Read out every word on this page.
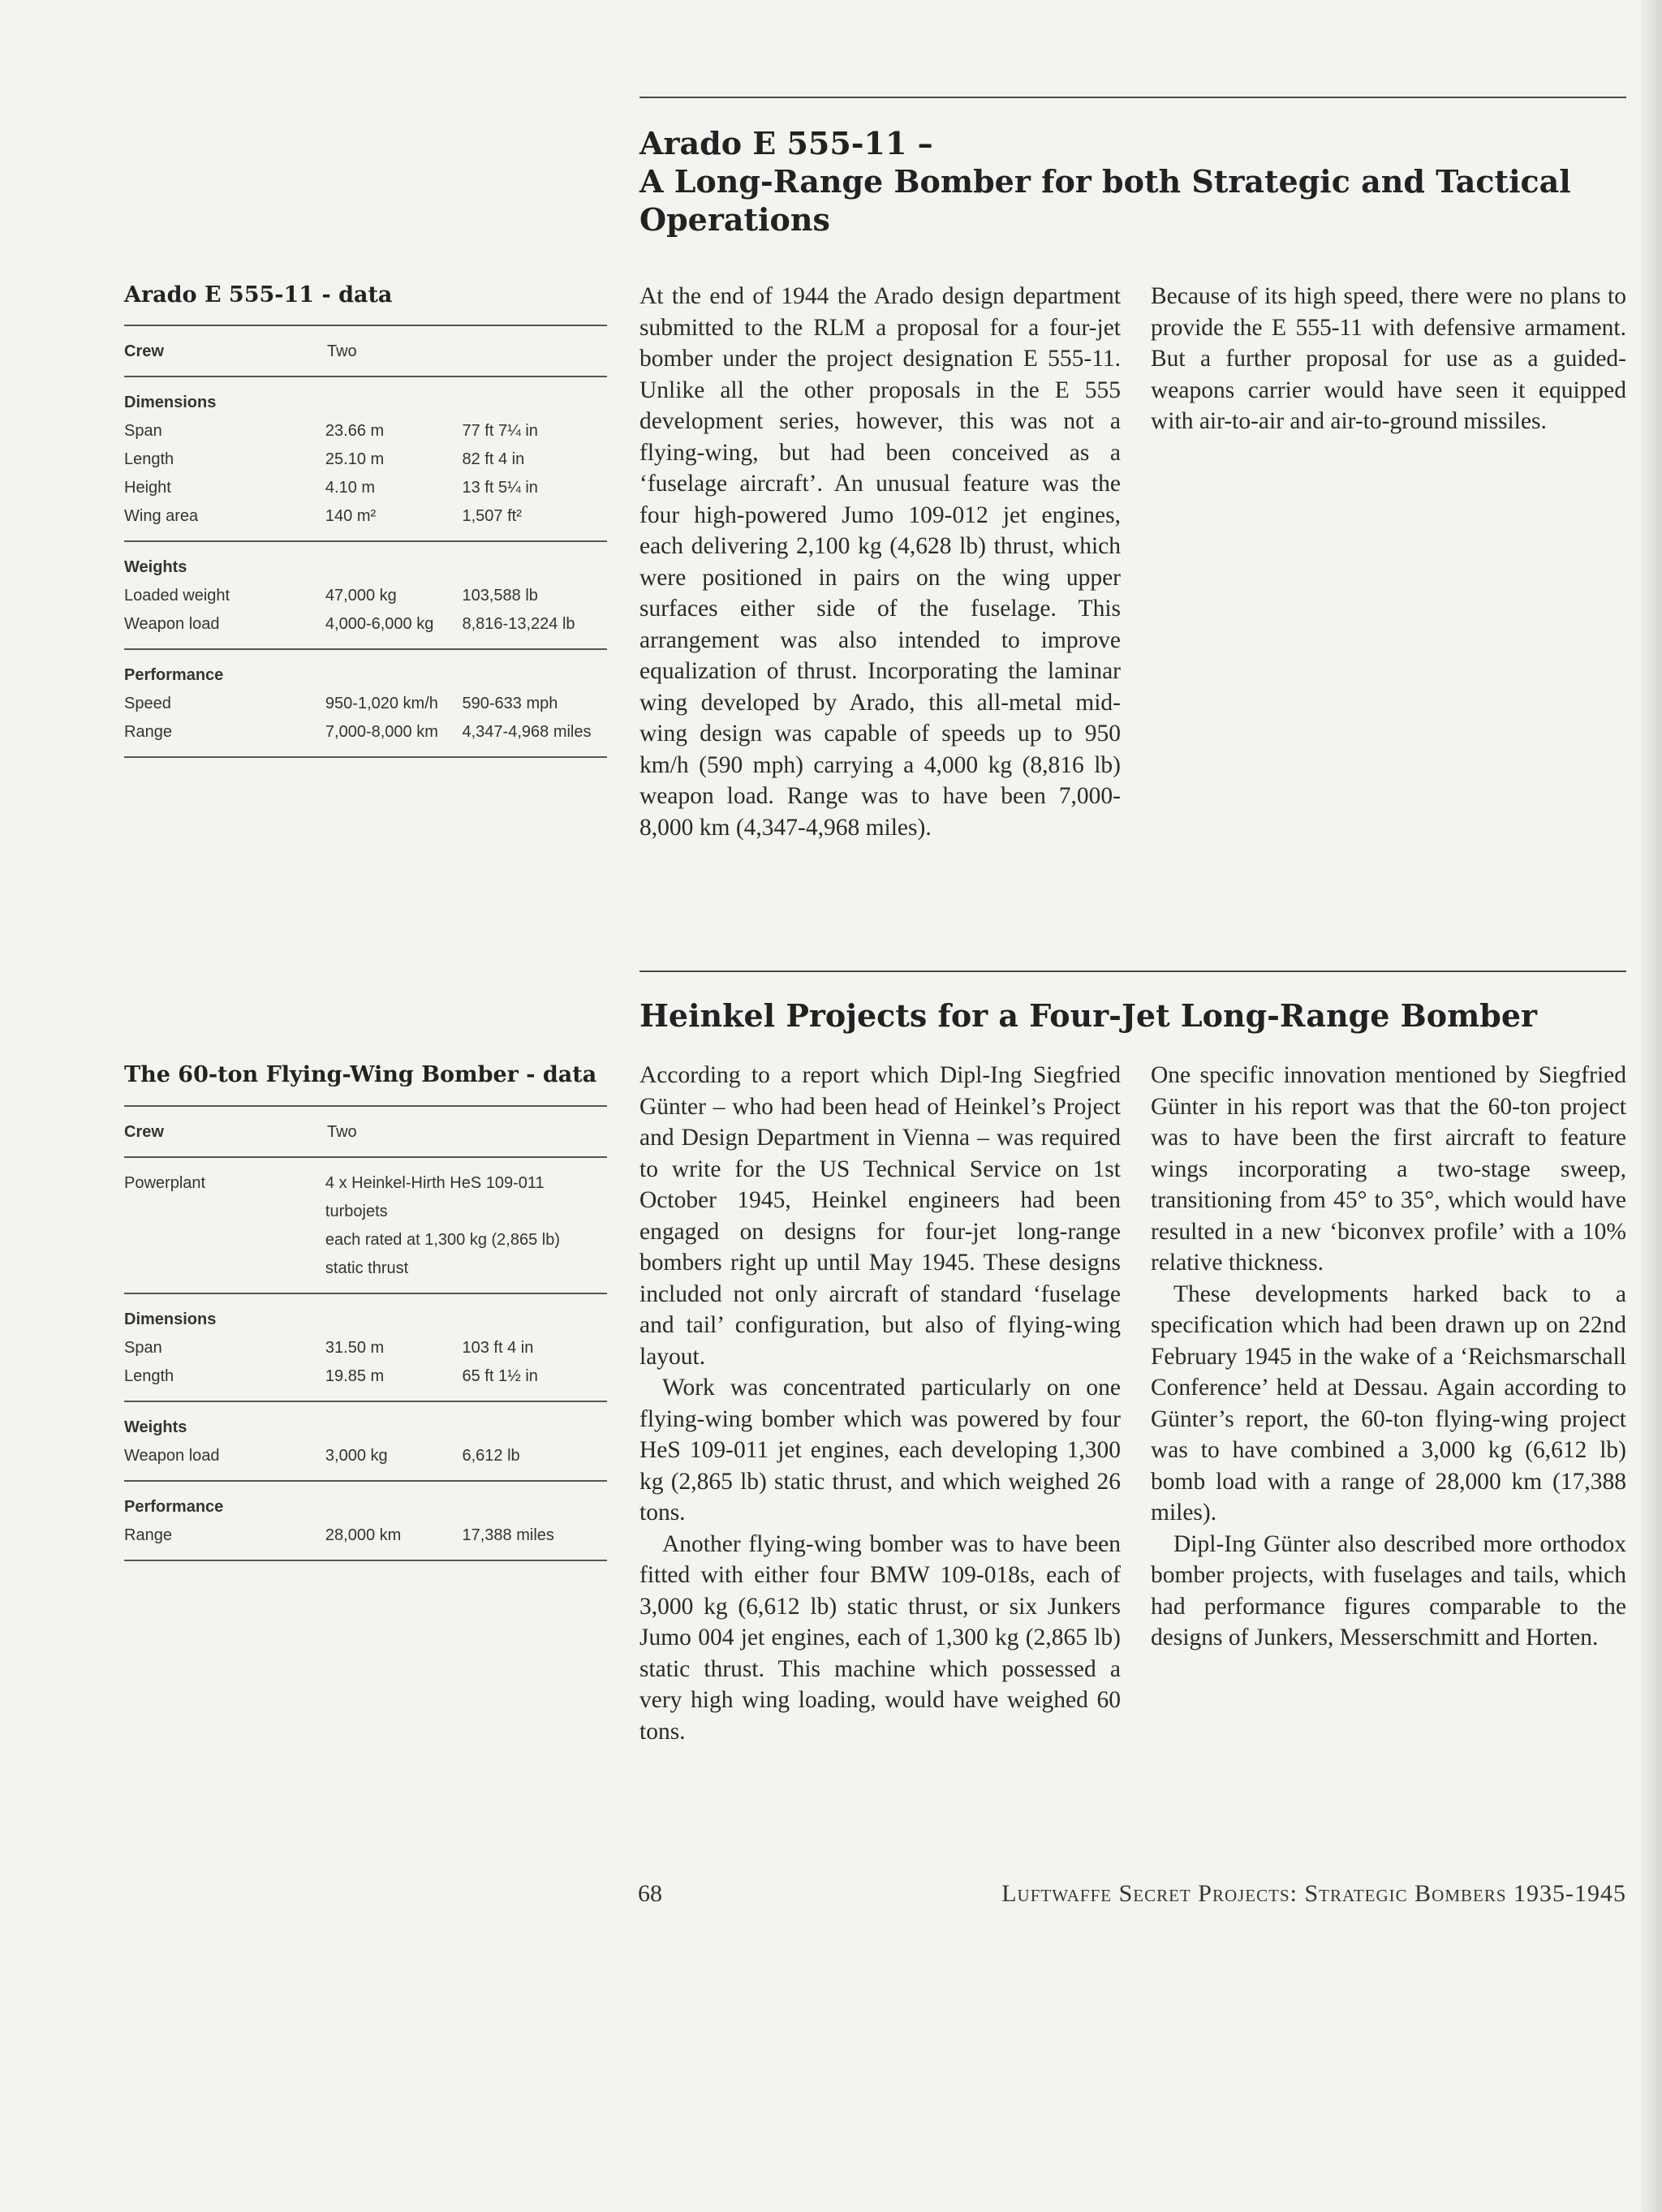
Arado E 555-11 –
A Long-Range Bomber for both Strategic and Tactical
Operations

At the end of 1944 the Arado design department submitted to the RLM a proposal for a four-jet bomber under the project designation E 555-11. Unlike all the other proposals in the E 555 development series, however, this was not a flying-wing, but had been conceived as a ‘fuselage aircraft’. An unusual feature was the four high-powered Jumo 109-012 jet engines, each delivering 2,100 kg (4,628 lb) thrust, which were positioned in pairs on the wing upper surfaces either side of the fuselage. This arrangement was also intended to improve equalization of thrust. Incorporating the laminar wing developed by Arado, this all-metal mid-wing design was capable of speeds up to 950 km/h (590 mph) carrying a 4,000 kg (8,816 lb) weapon load. Range was to have been 7,000-8,000 km (4,347-4,968 miles).

Because of its high speed, there were no plans to provide the E 555-11 with defensive armament. But a further proposal for use as a guided-weapons carrier would have seen it equipped with air-to-air and air-to-ground missiles.

Arado E 555-11 - data
Crew	Two
Dimensions
Span	23.66 m	77 ft 7¼ in
Length	25.10 m	82 ft 4 in
Height	4.10 m	13 ft 5¼ in
Wing area	140 m²	1,507 ft²
Weights
Loaded weight	47,000 kg	103,588 lb
Weapon load	4,000-6,000 kg	8,816-13,224 lb
Performance
Speed	950-1,020 km/h	590-633 mph
Range	7,000-8,000 km	4,347-4,968 miles
Heinkel Projects for a Four-Jet Long-Range Bomber

According to a report which Dipl-Ing Siegfried Günter – who had been head of Heinkel’s Project and Design Department in Vienna – was required to write for the US Technical Service on 1st October 1945, Heinkel engineers had been engaged on designs for four-jet long-range bombers right up until May 1945. These designs included not only aircraft of standard ‘fuselage and tail’ configuration, but also of flying-wing layout.

Work was concentrated particularly on one flying-wing bomber which was powered by four HeS 109-011 jet engines, each developing 1,300 kg (2,865 lb) static thrust, and which weighed 26 tons.

Another flying-wing bomber was to have been fitted with either four BMW 109-018s, each of 3,000 kg (6,612 lb) static thrust, or six Junkers Jumo 004 jet engines, each of 1,300 kg (2,865 lb) static thrust. This machine which possessed a very high wing loading, would have weighed 60 tons.

One specific innovation mentioned by Siegfried Günter in his report was that the 60-ton project was to have been the first aircraft to feature wings incorporating a two-stage sweep, transitioning from 45° to 35°, which would have resulted in a new ‘biconvex profile’ with a 10% relative thickness.

These developments harked back to a specification which had been drawn up on 22nd February 1945 in the wake of a ‘Reichsmarschall Conference’ held at Dessau. Again according to Günter’s report, the 60-ton flying-wing project was to have combined a 3,000 kg (6,612 lb) bomb load with a range of 28,000 km (17,388 miles).

Dipl-Ing Günter also described more orthodox bomber projects, with fuselages and tails, which had performance figures comparable to the designs of Junkers, Messerschmitt and Horten.

The 60-ton Flying-Wing Bomber - data
Crew	Two
Powerplant	4 x Heinkel-Hirth HeS 109-011 turbojets
each rated at 1,300 kg (2,865 lb)
static thrust
Dimensions
Span	31.50 m	103 ft 4 in
Length	19.85 m	65 ft 1½ in
Weights
Weapon load	3,000 kg	6,612 lb
Performance
Range	28,000 km	17,388 miles
68	Luftwaffe Secret Projects: Strategic Bombers 1935-1945
